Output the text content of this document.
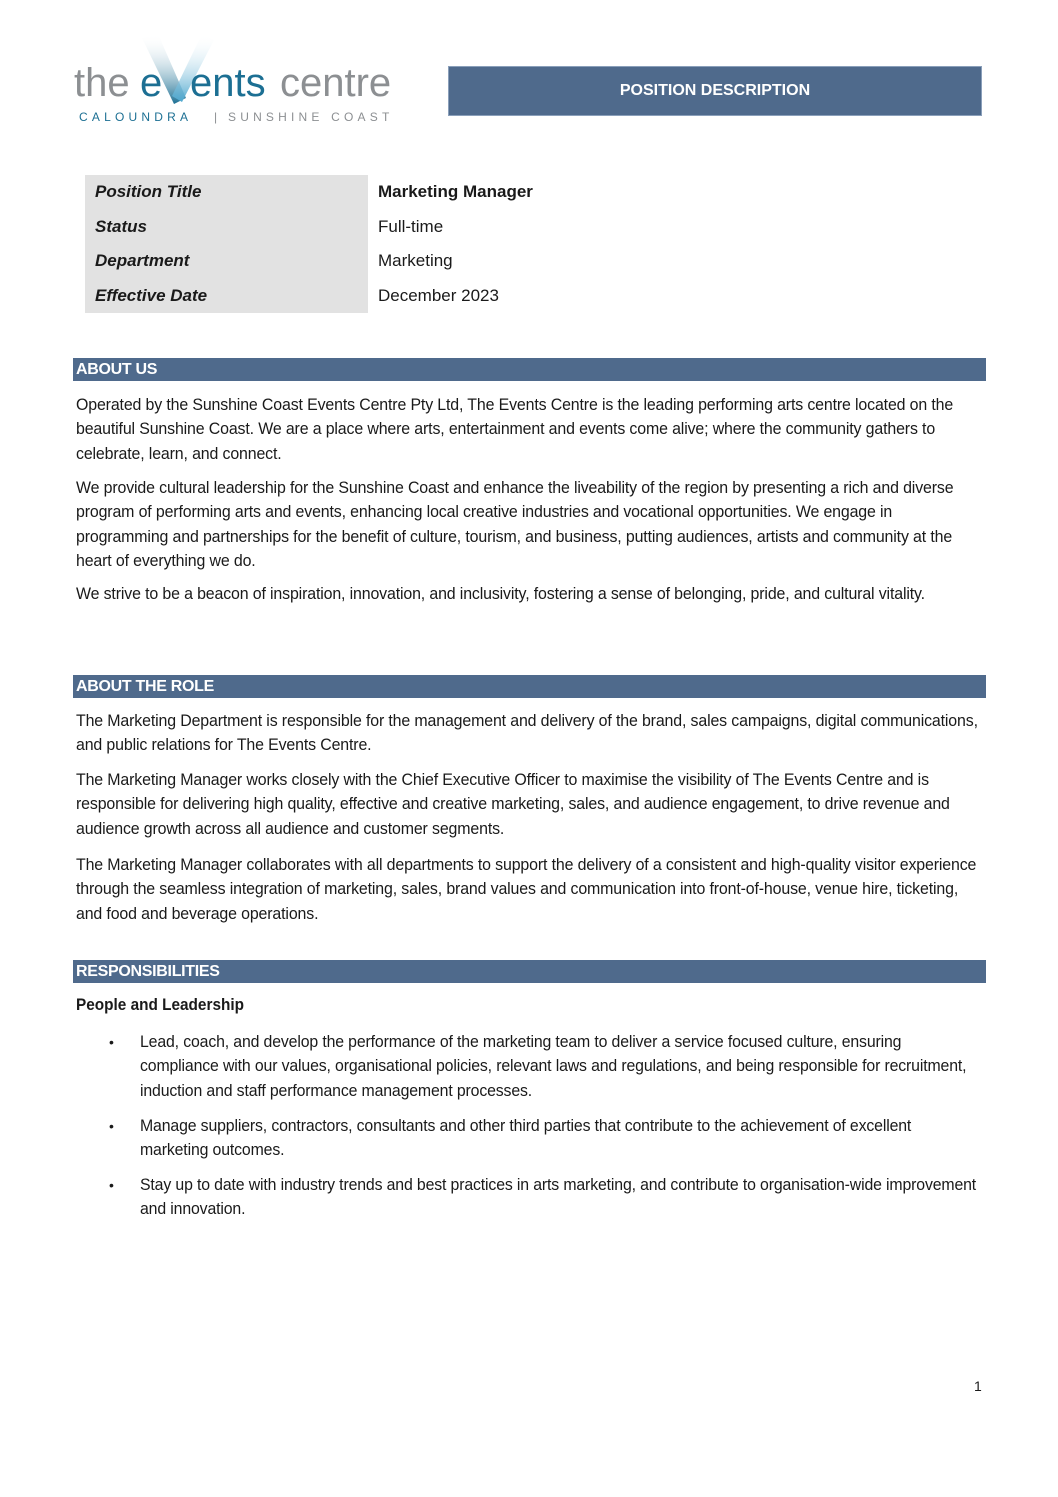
the e ents centre
CALOUNDRA | SUNSHINE COAST
POSITION DESCRIPTION
Position Title	Marketing Manager
Status	Full-time
Department	Marketing
Effective Date	December 2023
ABOUT US
Operated by the Sunshine Coast Events Centre Pty Ltd, The Events Centre is the leading performing arts centre located on the beautiful Sunshine Coast. We are a place where arts, entertainment and events come alive; where the community gathers to celebrate, learn, and connect.
We provide cultural leadership for the Sunshine Coast and enhance the liveability of the region by presenting a rich and diverse program of performing arts and events, enhancing local creative industries and vocational opportunities. We engage in programming and partnerships for the benefit of culture, tourism, and business, putting audiences, artists and community at the heart of everything we do.
We strive to be a beacon of inspiration, innovation, and inclusivity, fostering a sense of belonging, pride, and cultural vitality.
ABOUT THE ROLE
The Marketing Department is responsible for the management and delivery of the brand, sales campaigns, digital communications, and public relations for The Events Centre.
The Marketing Manager works closely with the Chief Executive Officer to maximise the visibility of The Events Centre and is responsible for delivering high quality, effective and creative marketing, sales, and audience engagement, to drive revenue and audience growth across all audience and customer segments.
The Marketing Manager collaborates with all departments to support the delivery of a consistent and high-quality visitor experience through the seamless integration of marketing, sales, brand values and communication into front-of-house, venue hire, ticketing, and food and beverage operations.
RESPONSIBILITIES
People and Leadership
• Lead, coach, and develop the performance of the marketing team to deliver a service focused culture, ensuring compliance with our values, organisational policies, relevant laws and regulations, and being responsible for recruitment, induction and staff performance management processes.
• Manage suppliers, contractors, consultants and other third parties that contribute to the achievement of excellent marketing outcomes.
• Stay up to date with industry trends and best practices in arts marketing, and contribute to organisation-wide improvement and innovation.
1
